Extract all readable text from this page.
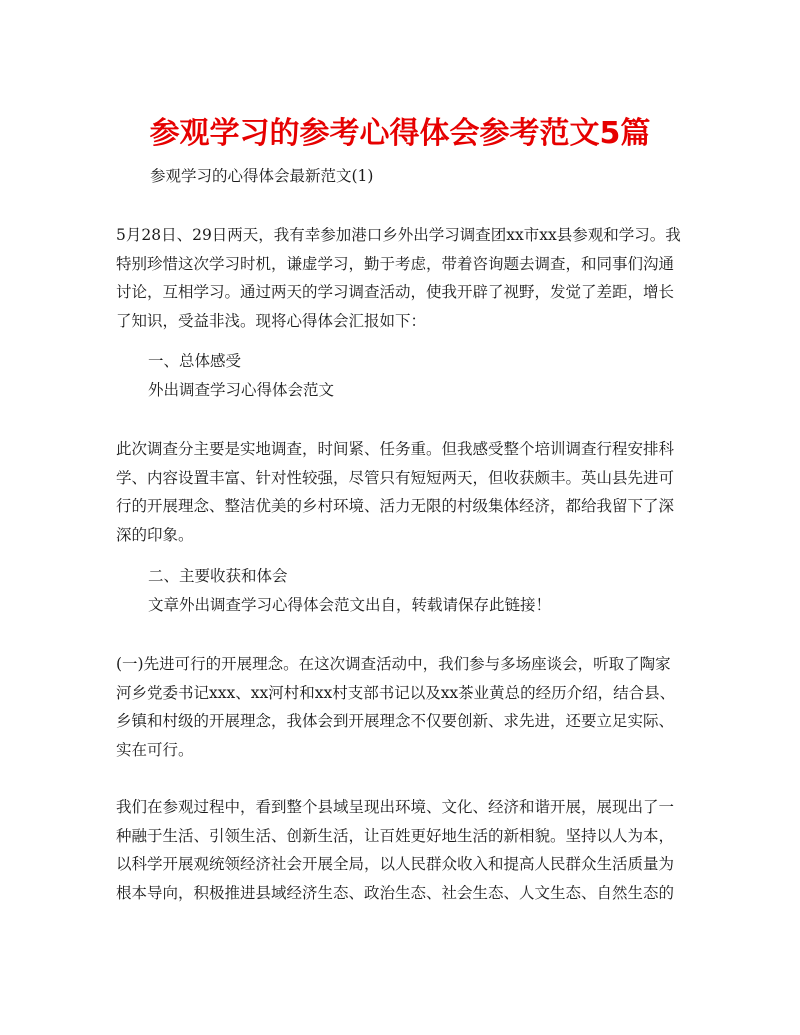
参观学习的参考心得体会参考范文5篇
参观学习的心得体会最新范文(1)
5月28日、29日两天，我有幸参加港口乡外出学习调查团xx市xx县参观和学习。我
特别珍惜这次学习时机，谦虚学习，勤于考虑，带着咨询题去调查，和同事们沟通
讨论，互相学习。通过两天的学习调查活动，使我开辟了视野，发觉了差距，增长
了知识，受益非浅。现将心得体会汇报如下：
一、总体感受
外出调查学习心得体会范文
此次调查分主要是实地调查，时间紧、任务重。但我感受整个培训调查行程安排科
学、内容设置丰富、针对性较强，尽管只有短短两天，但收获颇丰。英山县先进可
行的开展理念、整洁优美的乡村环境、活力无限的村级集体经济，都给我留下了深
深的印象。
二、主要收获和体会
文章外出调查学习心得体会范文出自，转载请保存此链接！
(一)先进可行的开展理念。在这次调查活动中，我们参与多场座谈会，听取了陶家
河乡党委书记xxx、xx河村和xx村支部书记以及xx茶业黄总的经历介绍，结合县、
乡镇和村级的开展理念，我体会到开展理念不仅要创新、求先进，还要立足实际、
实在可行。
我们在参观过程中，看到整个县域呈现出环境、文化、经济和谐开展，展现出了一
种融于生活、引领生活、创新生活，让百姓更好地生活的新相貌。坚持以人为本，
以科学开展观统领经济社会开展全局，以人民群众收入和提高人民群众生活质量为
根本导向，积极推进县域经济生态、政治生态、社会生态、人文生态、自然生态的
